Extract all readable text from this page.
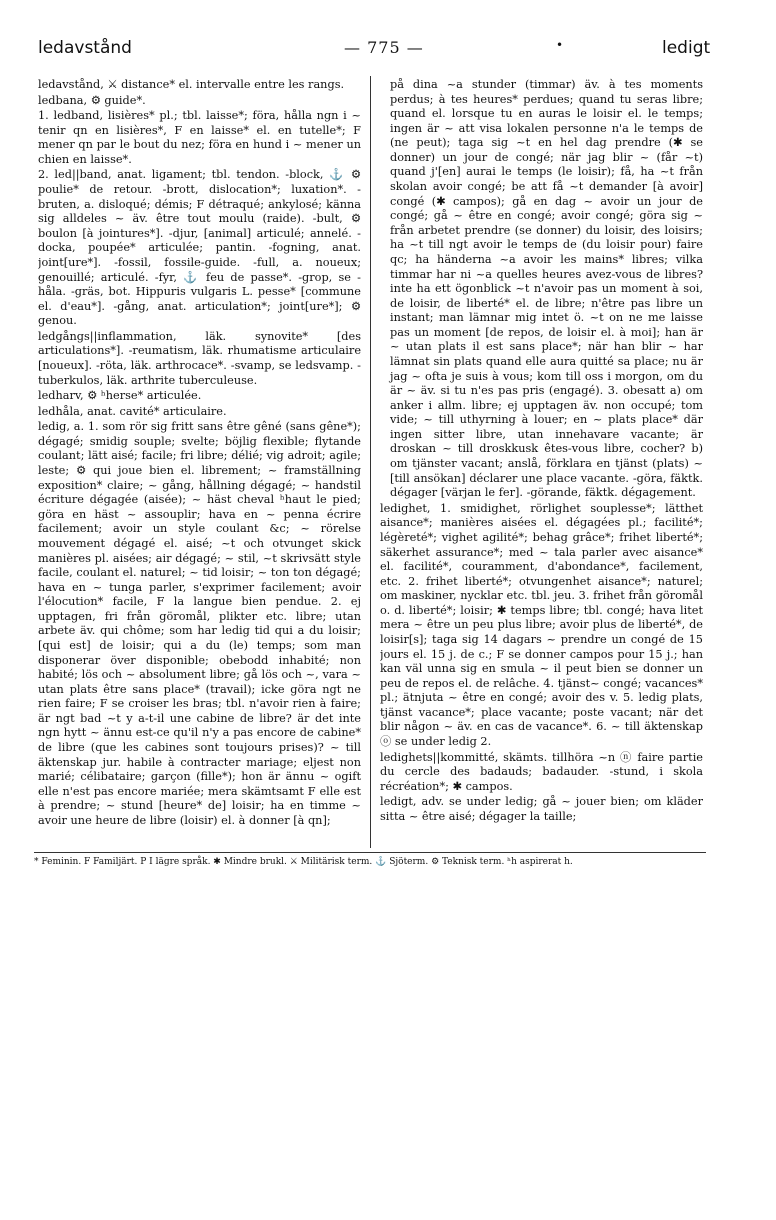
ledavstånd	— 775 —	•	ledigt

ledavstånd, ⚔ distance* el. intervalle entre les rangs.

ledbana, ⚙ guide*.

1. ledband, lisières* pl.; tbl. laisse*; föra, hålla ngn i ~ tenir qn en lisières*, F en laisse* el. en tutelle*; F mener qn par le bout du nez; föra en hund i ~ mener un chien en laisse*.

2. led||band, anat. ligament; tbl. tendon. -block, ⚓ ⚙ poulie* de retour. -brott, dislocation*; luxation*. -bruten, a. disloqué; démis; F détraqué; ankylosé; känna sig alldeles ~ äv. être tout moulu (raide). -bult, ⚙ boulon [à jointures*]. -djur, [animal] articulé; annelé. -docka, poupée* articulée; pantin. -fogning, anat. joint[ure*]. -fossil, fossile-guide. -full, a. noueux; genouillé; articulé. -fyr, ⚓ feu de passe*. -grop, se -håla. -gräs, bot. Hippuris vulgaris L. pesse* [commune el. d'eau*]. -gång, anat. articulation*; joint[ure*]; ⚙ genou.

ledgångs||inflammation, läk. synovite* [des articulations*]. -reumatism, läk. rhumatisme articulaire [noueux]. -röta, läk. arthrocace*. -svamp, se ledsvamp. -tuberkulos, läk. arthrite tuberculeuse.

ledharv, ⚙ ʰherse* articulée.

ledhåla, anat. cavité* articulaire.

ledig, a. 1. som rör sig fritt sans être gêné (sans gêne*); dégagé; smidig souple; svelte; böjlig flexible; flytande coulant; lätt aisé; facile; fri libre; délié; vig adroit; agile; leste; ⚙ qui joue bien el. librement; ~ framställning exposition* claire; ~ gång, hållning dégagé; ~ handstil écriture dégagée (aisée); ~ häst cheval ʰhaut le pied; göra en häst ~ assouplir; hava en ~ penna écrire facilement; avoir un style coulant &c; ~ rörelse mouvement dégagé el. aisé; ~t och otvunget skick manières pl. aisées; air dégagé; ~ stil, ~t skrivsätt style facile, coulant el. naturel; ~ tid loisir; ~ ton ton dégagé; hava en ~ tunga parler, s'exprimer facilement; avoir l'élocution* facile, F la langue bien pendue. 2. ej upptagen, fri från göromål, plikter etc. libre; utan arbete äv. qui chôme; som har ledig tid qui a du loisir; [qui est] de loisir; qui a du (le) temps; som man disponerar över disponible; obebodd inhabité; non habité; lös och ~ absolument libre; gå lös och ~, vara ~ utan plats être sans place* (travail); icke göra ngt ne rien faire; F se croiser les bras; tbl. n'avoir rien à faire; är ngt bad ~t y a-t-il une cabine de libre? är det inte ngn hytt ~ ännu est-ce qu'il n'y a pas encore de cabine* de libre (que les cabines sont toujours prises)? ~ till äktenskap jur. habile à contracter mariage; eljest non marié; célibataire; garçon (fille*); hon är ännu ~ ogift elle n'est pas encore mariée; mera skämtsamt F elle est à prendre; ~ stund [heure* de] loisir; ha en timme ~ avoir une heure de libre (loisir) el. à donner [à qn];

på dina ~a stunder (timmar) äv. à tes moments perdus; à tes heures* perdues; quand tu seras libre; quand el. lorsque tu en auras le loisir el. le temps; ingen är ~ att visa lokalen personne n'a le temps de (ne peut); taga sig ~t en hel dag prendre (✱ se donner) un jour de congé; när jag blir ~ (får ~t) quand j'[en] aurai le temps (le loisir); få, ha ~t från skolan avoir congé; be att få ~t demander [à avoir] congé (✱ campos); gå en dag ~ avoir un jour de congé; gå ~ être en congé; avoir congé; göra sig ~ från arbetet prendre (se donner) du loisir, des loisirs; ha ~t till ngt avoir le temps de (du loisir pour) faire qc; ha händerna ~a avoir les mains* libres; vilka timmar har ni ~a quelles heures avez-vous de libres? inte ha ett ögonblick ~t n'avoir pas un moment à soi, de loisir, de liberté* el. de libre; n'être pas libre un instant; man lämnar mig intet ö. ~t on ne me laisse pas un moment [de repos, de loisir el. à moi]; han är ~ utan plats il est sans place*; när han blir ~ har lämnat sin plats quand elle aura quitté sa place; nu är jag ~ ofta je suis à vous; kom till oss i morgon, om du är ~ äv. si tu n'es pas pris (engagé). 3. obesatt a) om anker i allm. libre; ej upptagen äv. non occupé; tom vide; ~ till uthyrning à louer; en ~ plats place* där ingen sitter libre, utan innehavare vacante; är droskan ~ till droskkusk êtes-vous libre, cocher? b) om tjänster vacant; anslå, förklara en tjänst (plats) ~ [till ansökan] déclarer une place vacante. -göra, fäktk. dégager [värjan le fer]. -görande, fäktk. dégagement.

ledighet, 1. smidighet, rörlighet souplesse*; lätthet aisance*; manières aisées el. dégagées pl.; facilité*; légèreté*; vighet agilité*; behag grâce*; frihet liberté*; säkerhet assurance*; med ~ tala parler avec aisance* el. facilité*, couramment, d'abondance*, facilement, etc. 2. frihet liberté*; otvungenhet aisance*; naturel; om maskiner, nycklar etc. tbl. jeu. 3. frihet från göromål o. d. liberté*; loisir; ✱ temps libre; tbl. congé; hava litet mera ~ être un peu plus libre; avoir plus de liberté*, de loisir[s]; taga sig 14 dagars ~ prendre un congé de 15 jours el. 15 j. de c.; F se donner campos pour 15 j.; han kan väl unna sig en smula ~ il peut bien se donner un peu de repos el. de relâche. 4. tjänst~ congé; vacances* pl.; ätnjuta ~ être en congé; avoir des v. 5. ledig plats, tjänst vacance*; place vacante; poste vacant; när det blir någon ~ äv. en cas de vacance*. 6. ~ till äktenskap ⓞ se under ledig 2.

ledighets||kommitté, skämts. tillhöra ~n ⓝ faire partie du cercle des badauds; badauder. -stund, i skola récréation*; ✱ campos.

ledigt, adv. se under ledig; gå ~ jouer bien; om kläder sitta ~ être aisé; dégager la taille;

* Feminin. F Familjärt. P I lägre språk. ✱ Mindre brukl. ⚔ Militärisk term. ⚓ Sjöterm. ⚙ Teknisk term. ʰh aspirerat h.
